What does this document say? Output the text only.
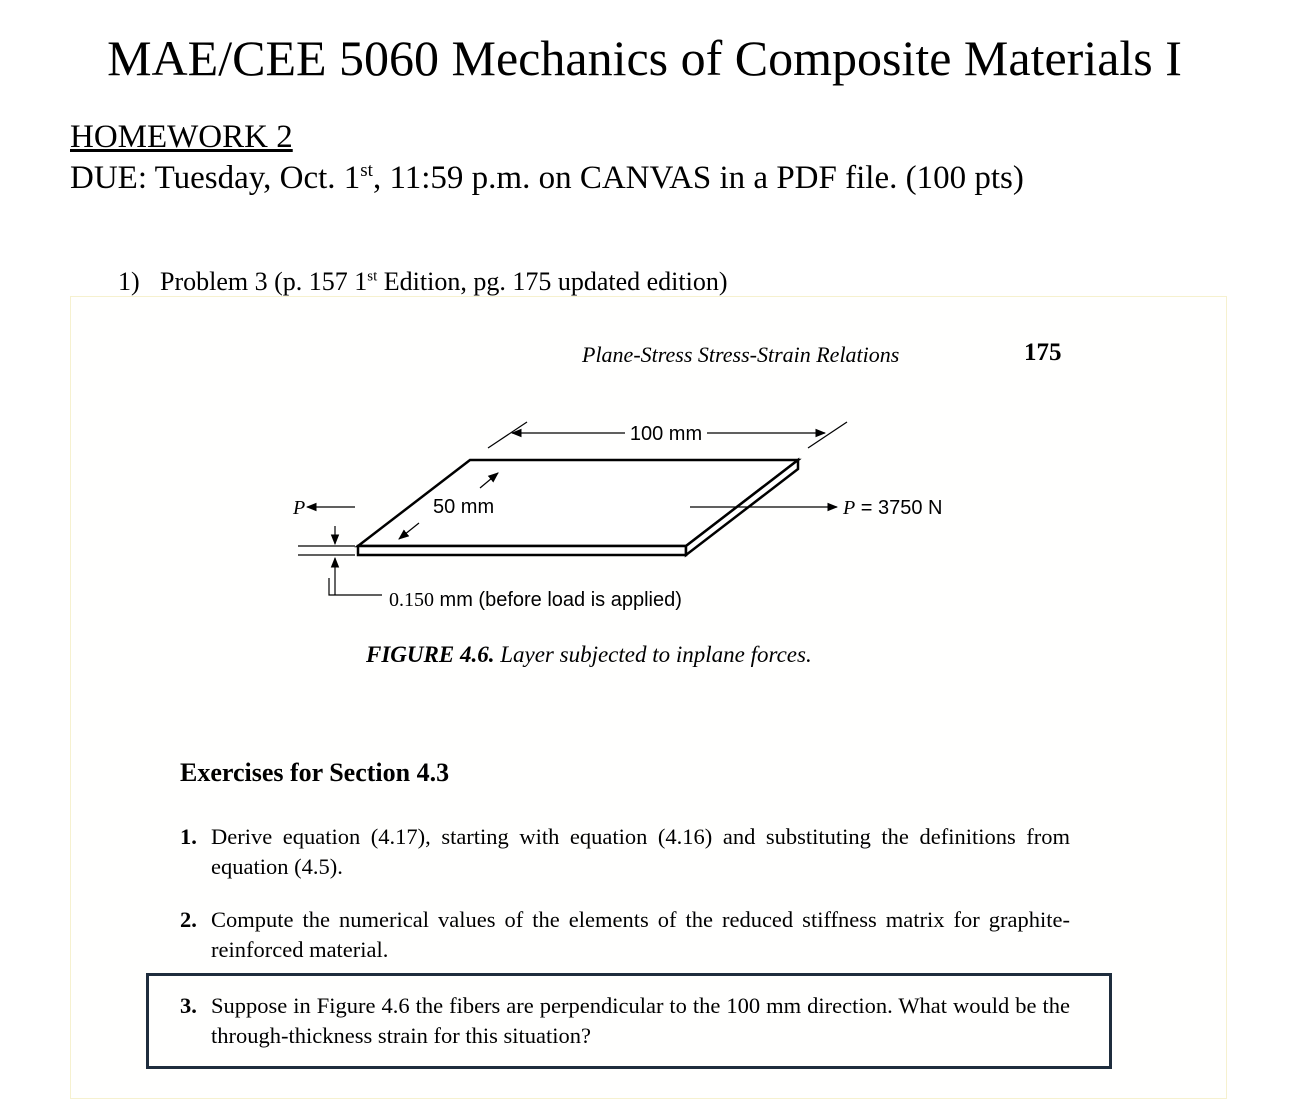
MAE/CEE 5060 Mechanics of Composite Materials I
HOMEWORK 2
DUE: Tuesday, Oct. 1st, 11:59 p.m. on CANVAS in a PDF file. (100 pts)
1) Problem 3 (p. 157 1st Edition, pg. 175 updated edition)
Plane-Stress Stress-Strain Relations	175
100 mm
50 mm
P	P = 3750 N
0.150 mm (before load is applied)
FIGURE 4.6. Layer subjected to inplane forces.
Exercises for Section 4.3
1. Derive equation (4.17), starting with equation (4.16) and substituting the definitions from equation (4.5).
2. Compute the numerical values of the elements of the reduced stiffness matrix for graphite-reinforced material.
3. Suppose in Figure 4.6 the fibers are perpendicular to the 100 mm direction. What would be the through-thickness strain for this situation?
